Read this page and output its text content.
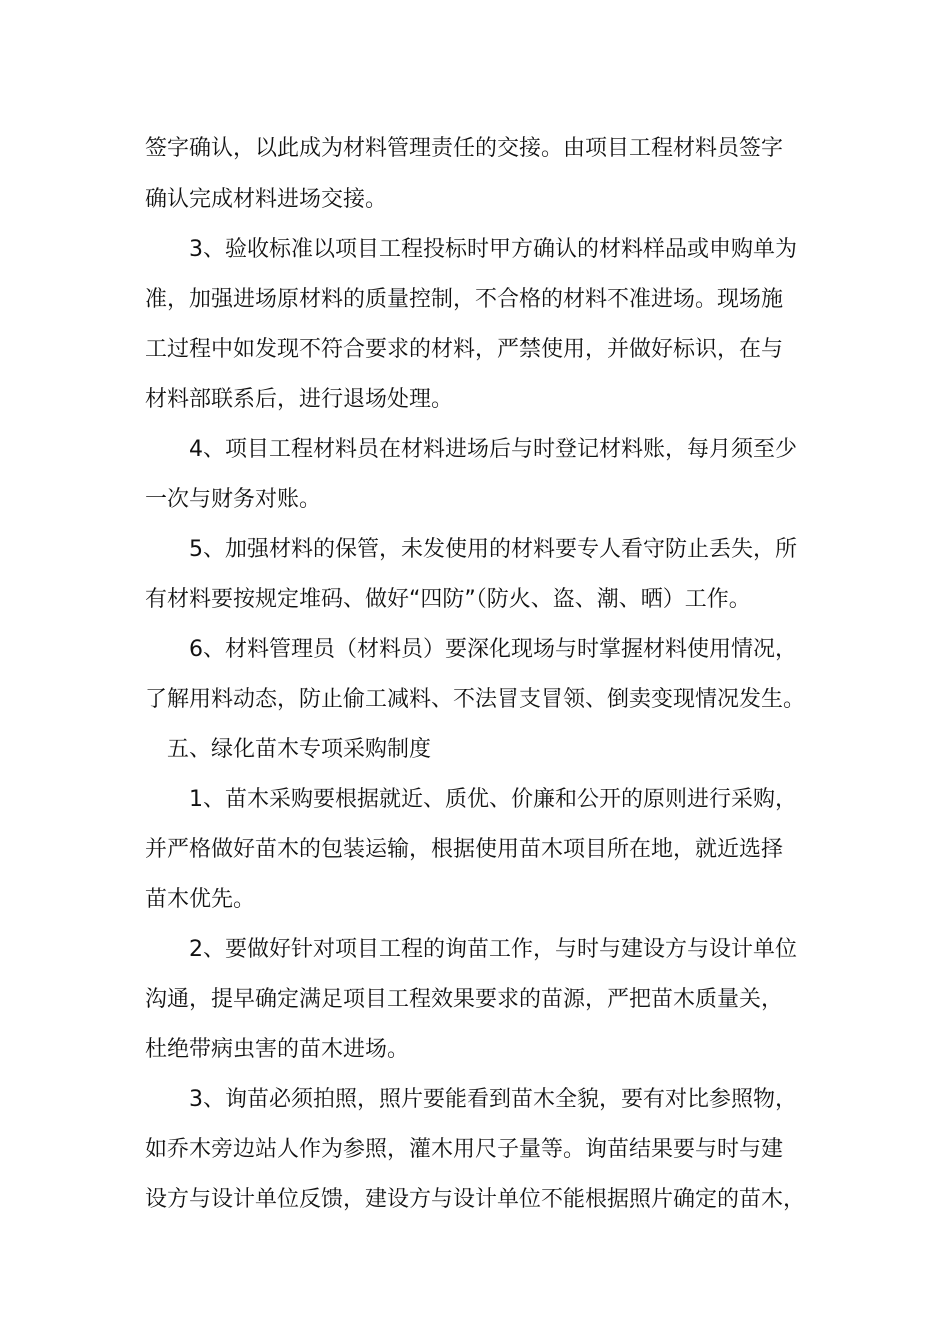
签字确认，以此成为材料管理责任的交接。由项目工程材料员签字
确认完成材料进场交接。
3、验收标准以项目工程投标时甲方确认的材料样品或申购单为
准，加强进场原材料的质量控制，不合格的材料不准进场。现场施
工过程中如发现不符合要求的材料，严禁使用，并做好标识，在与
材料部联系后，进行退场处理。
4、项目工程材料员在材料进场后与时登记材料账，每月须至少
一次与财务对账。
5、加强材料的保管，未发使用的材料要专人看守防止丢失，所
有材料要按规定堆码、做好“四防”（防火、盗、潮、晒）工作。
6、材料管理员（材料员）要深化现场与时掌握材料使用情况，
了解用料动态，防止偷工减料、不法冒支冒领、倒卖变现情况发生。
五、绿化苗木专项采购制度
1、苗木采购要根据就近、质优、价廉和公开的原则进行采购，
并严格做好苗木的包装运输，根据使用苗木项目所在地，就近选择
苗木优先。
2、要做好针对项目工程的询苗工作，与时与建设方与设计单位
沟通，提早确定满足项目工程效果要求的苗源，严把苗木质量关，
杜绝带病虫害的苗木进场。
3、询苗必须拍照，照片要能看到苗木全貌，要有对比参照物，
如乔木旁边站人作为参照，灌木用尺子量等。询苗结果要与时与建
设方与设计单位反馈，建设方与设计单位不能根据照片确定的苗木，
